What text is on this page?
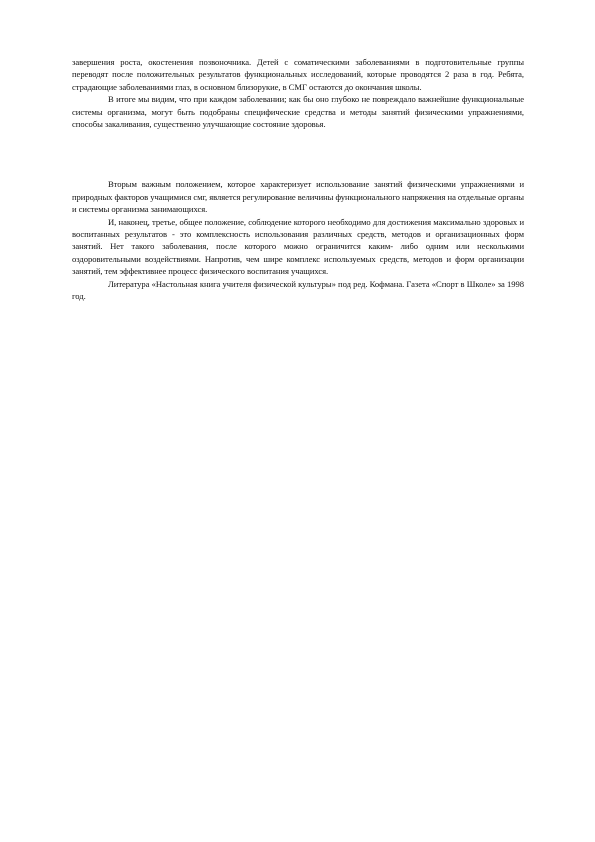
завершения роста, окостенения позвоночника. Детей с соматическими заболеваниями в подготовительные группы переводят после положительных результатов функциональных исследований, которые проводятся 2 раза в год. Ребята, страдающие заболеваниями глаз, в основном близорукие, в СМГ остаются до окончания школы.

В итоге мы видим, что при каждом заболевании; как бы оно глубоко не повреждало важнейшие функциональные системы организма, могут быть подобраны специфические средства и методы занятий физическими упражнениями, способы закаливания, существенно улучшающие состояние здоровья.

Вторым важным положением, которое характеризует использование занятий физическими упражнениями и природных факторов учащимися смг, является регулирование величины функционального напряжения на отдельные органы и системы организма занимающихся.

И, наконец, третье, общее положение, соблюдение которого необходимо для достижения максимально здоровых и воспитанных результатов - это комплексность использования различных средств, методов и организационных форм занятий. Нет такого заболевания, после которого можно ограничится каким- либо одним или несколькими оздоровительными воздействиями. Напротив, чем шире комплекс используемых средств, методов и форм организации занятий, тем эффективнее процесс физического воспитания учащихся.

Литература «Настольная книга учителя физической культуры» под ред. Кофмана. Газета «Спорт в Школе» за 1998 год.
